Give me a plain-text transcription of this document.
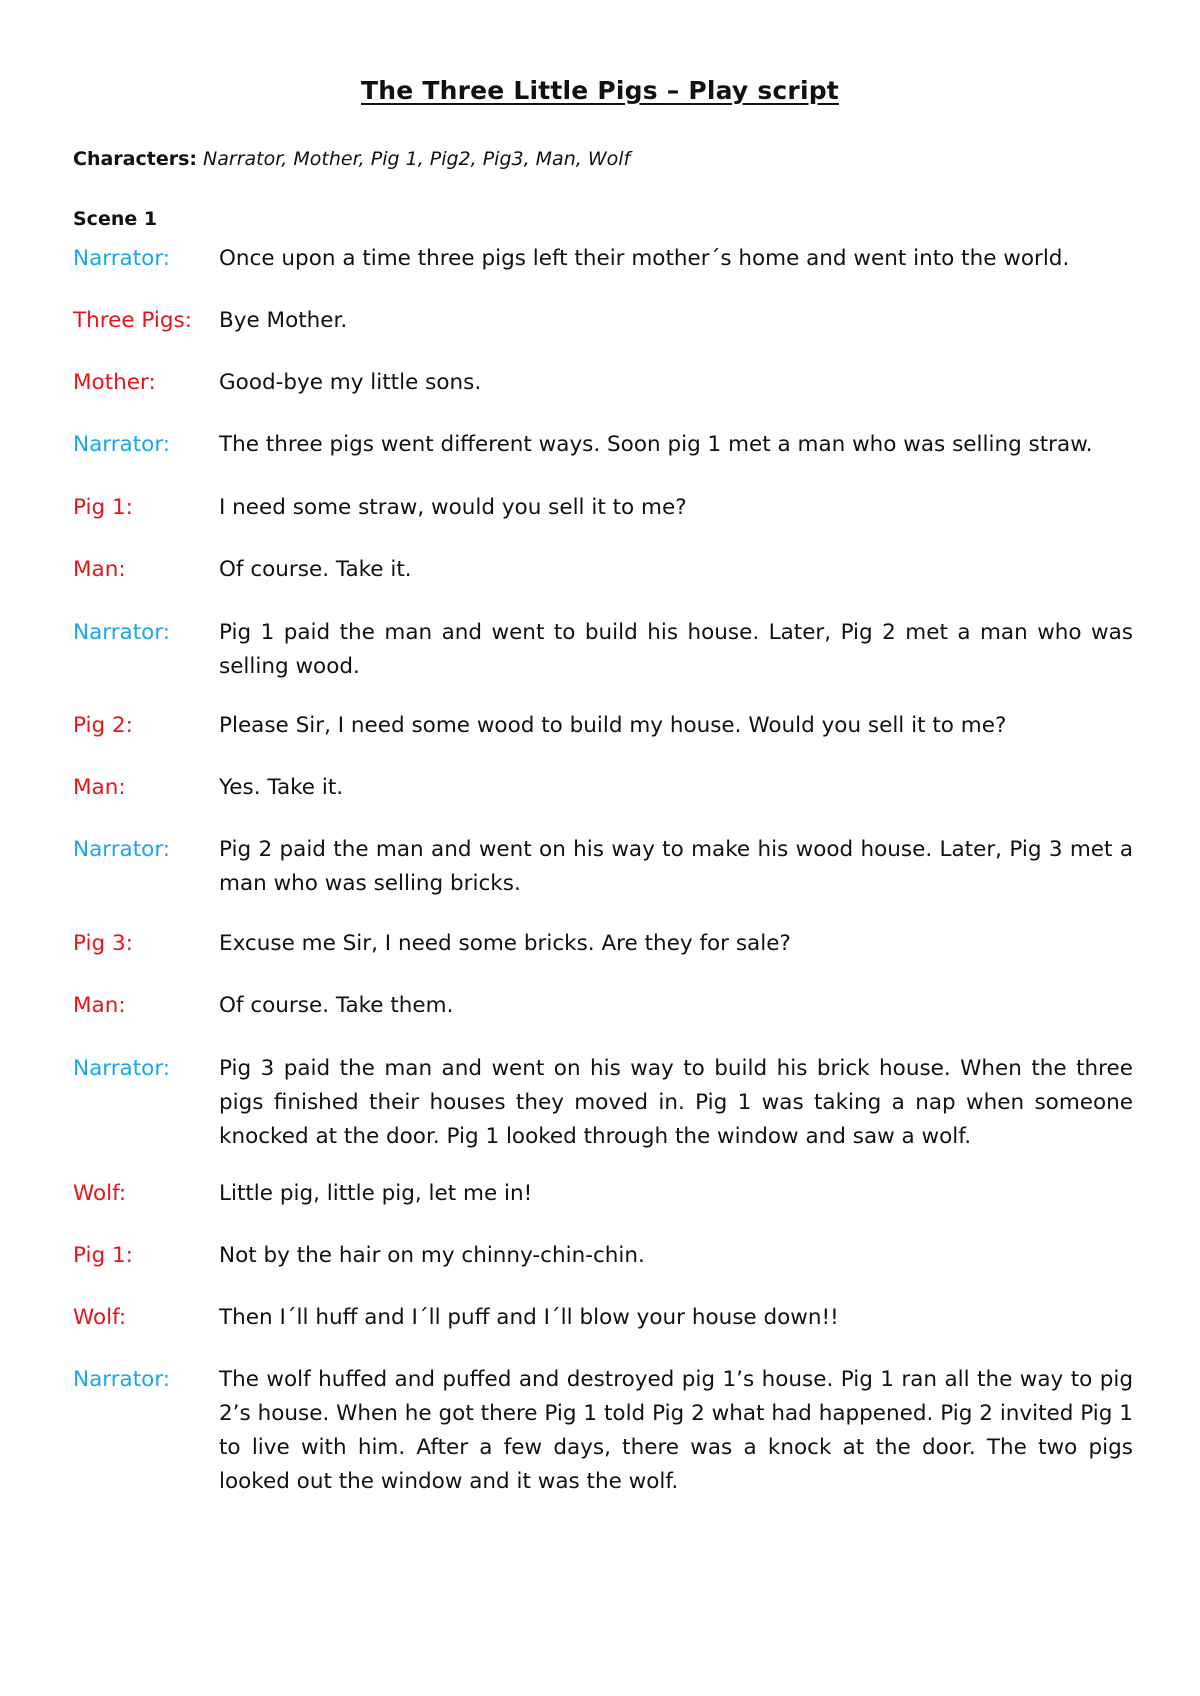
The Three Little Pigs – Play script
Characters: Narrator, Mother, Pig 1, Pig2, Pig3, Man, Wolf
Scene 1
Narrator: Once upon a time three pigs left their mother´s home and went into the world.
Three Pigs: Bye Mother.
Mother:	Good-bye my little sons.
Narrator: The three pigs went different ways. Soon pig 1 met a man who was selling straw.
Pig 1:	I need some straw, would you sell it to me?
Man:	Of course. Take it.
Narrator: Pig 1 paid the man and went to build his house. Later, Pig 2 met a man who was selling wood.
Pig 2:	Please Sir, I need some wood to build my house. Would you sell it to me?
Man:	Yes. Take it.
Narrator: Pig 2 paid the man and went on his way to make his wood house. Later, Pig 3 met a man who was selling bricks.
Pig 3:	Excuse me Sir, I need some bricks. Are they for sale?
Man:	Of course. Take them.
Narrator: Pig 3 paid the man and went on his way to build his brick house. When the three pigs finished their houses they moved in. Pig 1 was taking a nap when someone knocked at the door. Pig 1 looked through the window and saw a wolf.
Wolf:	Little pig, little pig, let me in!
Pig 1:	Not by the hair on my chinny-chin-chin.
Wolf:	Then I´ll huff and I´ll puff and I´ll blow your house down!!
Narrator: The wolf huffed and puffed and destroyed pig 1’s house. Pig 1 ran all the way to pig 2’s house. When he got there Pig 1 told Pig 2 what had happened. Pig 2 invited Pig 1 to live with him. After a few days, there was a knock at the door. The two pigs looked out the window and it was the wolf.
